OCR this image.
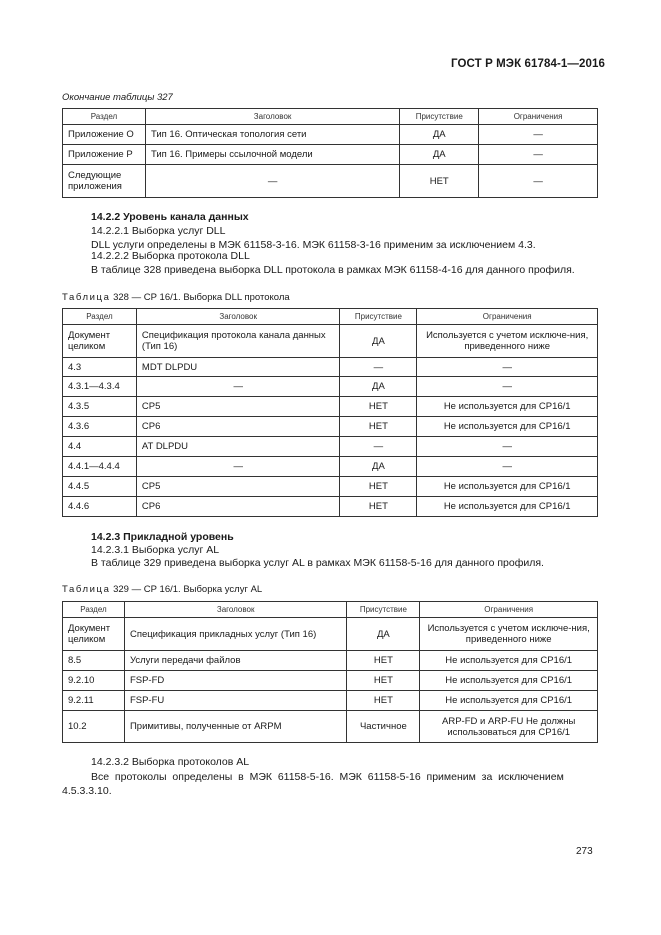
ГОСТ Р МЭК 61784-1—2016
Окончание таблицы 327
Раздел	Заголовок	Присутствие	Ограничения
Приложение О	Тип 16. Оптическая топология сети	ДА	—
Приложение Р	Тип 16. Примеры ссылочной модели	ДА	—
Следующие приложения	—	НЕТ	—
14.2.2 Уровень канала данных
14.2.2.1 Выборка услуг DLL
DLL услуги определены в МЭК 61158-3-16. МЭК 61158-3-16 применим за исключением 4.3.
14.2.2.2 Выборка протокола DLL
В таблице 328 приведена выборка DLL протокола в рамках МЭК 61158-4-16 для данного профиля.
Таблица 328 — СР 16/1. Выборка DLL протокола
Раздел	Заголовок	Присутствие	Ограничения
Документ целиком	Спецификация протокола канала данных (Тип 16)	ДА	Используется с учетом исключе-ния, приведенного ниже
4.3	MDT DLPDU	—	—
4.3.1—4.3.4	—	ДА	—
4.3.5	CP5	НЕТ	Не используется для СР16/1
4.3.6	CP6	НЕТ	Не используется для СР16/1
4.4	AT DLPDU	—	—
4.4.1—4.4.4	—	ДА	—
4.4.5	CP5	НЕТ	Не используется для СР16/1
4.4.6	CP6	НЕТ	Не используется для СР16/1
14.2.3 Прикладной уровень
14.2.3.1 Выборка услуг AL
В таблице 329 приведена выборка услуг AL в рамках МЭК 61158-5-16 для данного профиля.
Таблица 329 — СР 16/1. Выборка услуг AL
Раздел	Заголовок	Присутствие	Ограничения
Документ целиком	Спецификация прикладных услуг (Тип 16)	ДА	Используется с учетом исключе-ния, приведенного ниже
8.5	Услуги передачи файлов	НЕТ	Не используется для СР16/1
9.2.10	FSP-FD	НЕТ	Не используется для СР16/1
9.2.11	FSP-FU	НЕТ	Не используется для СР16/1
10.2	Примитивы, полученные от ARPM	Частичное	ARP-FD и ARP-FU Не должны использоваться для СР16/1
14.2.3.2 Выборка протоколов AL
Все  протоколы  определены  в  МЭК  61158-5-16.  МЭК  61158-5-16  применим  за  исключением
4.5.3.3.10.
273
